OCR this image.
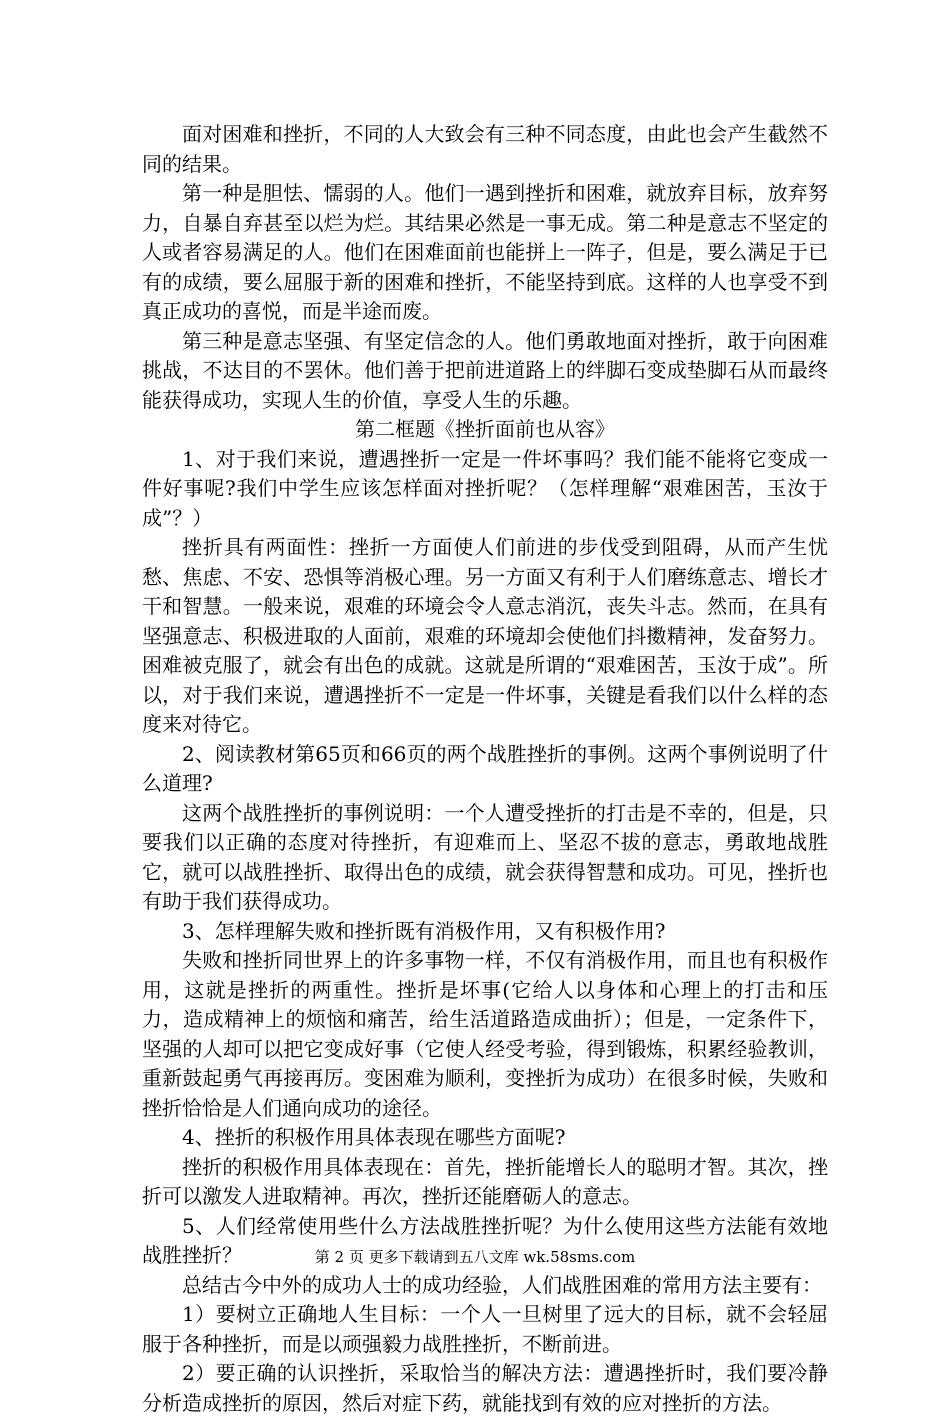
面对困难和挫折，不同的人大致会有三种不同态度，由此也会产生截然不同的结果。

第一种是胆怯、懦弱的人。他们一遇到挫折和困难，就放弃目标，放弃努力，自暴自弃甚至以烂为烂。其结果必然是一事无成。第二种是意志不坚定的人或者容易满足的人。他们在困难面前也能拼上一阵子，但是，要么满足于已有的成绩，要么屈服于新的困难和挫折，不能坚持到底。这样的人也享受不到真正成功的喜悦，而是半途而废。

第三种是意志坚强、有坚定信念的人。他们勇敢地面对挫折，敢于向困难挑战，不达目的不罢休。他们善于把前进道路上的绊脚石变成垫脚石从而最终能获得成功，实现人生的价值，享受人生的乐趣。

第二框题《挫折面前也从容》

1、对于我们来说，遭遇挫折一定是一件坏事吗？我们能不能将它变成一件好事呢?我们中学生应该怎样面对挫折呢？（怎样理解“艰难困苦，玉汝于成”？）

挫折具有两面性：挫折一方面使人们前进的步伐受到阻碍，从而产生忧愁、焦虑、不安、恐惧等消极心理。另一方面又有利于人们磨练意志、增长才干和智慧。一般来说，艰难的环境会令人意志消沉，丧失斗志。然而，在具有坚强意志、积极进取的人面前，艰难的环境却会使他们抖擞精神，发奋努力。困难被克服了，就会有出色的成就。这就是所谓的“艰难困苦，玉汝于成”。所以，对于我们来说，遭遇挫折不一定是一件坏事，关键是看我们以什么样的态度来对待它。

2、阅读教材第65页和66页的两个战胜挫折的事例。这两个事例说明了什么道理?

这两个战胜挫折的事例说明：一个人遭受挫折的打击是不幸的，但是，只要我们以正确的态度对待挫折，有迎难而上、坚忍不拔的意志，勇敢地战胜它，就可以战胜挫折、取得出色的成绩，就会获得智慧和成功。可见，挫折也有助于我们获得成功。

3、怎样理解失败和挫折既有消极作用，又有积极作用?

失败和挫折同世界上的许多事物一样，不仅有消极作用，而且也有积极作用，这就是挫折的两重性。挫折是坏事(它给人以身体和心理上的打击和压力，造成精神上的烦恼和痛苦，给生活道路造成曲折）；但是，一定条件下，坚强的人却可以把它变成好事（它使人经受考验，得到锻炼，积累经验教训，重新鼓起勇气再接再厉。变困难为顺利，变挫折为成功）在很多时候，失败和挫折恰恰是人们通向成功的途径。

4、挫折的积极作用具体表现在哪些方面呢?

挫折的积极作用具体表现在：首先，挫折能增长人的聪明才智。其次，挫折可以激发人进取精神。再次，挫折还能磨砺人的意志。

5、人们经常使用些什么方法战胜挫折呢？为什么使用这些方法能有效地战胜挫折？

总结古今中外的成功人士的成功经验，人们战胜困难的常用方法主要有：

1）要树立正确地人生目标：一个人一旦树里了远大的目标，就不会轻屈服于各种挫折，而是以顽强毅力战胜挫折，不断前进。

2）要正确的认识挫折，采取恰当的解决方法：遭遇挫折时，我们要冷静分析造成挫折的原因，然后对症下药，就能找到有效的应对挫折的方法。

第 2 页 更多下载请到五八文库 wk.58sms.com
